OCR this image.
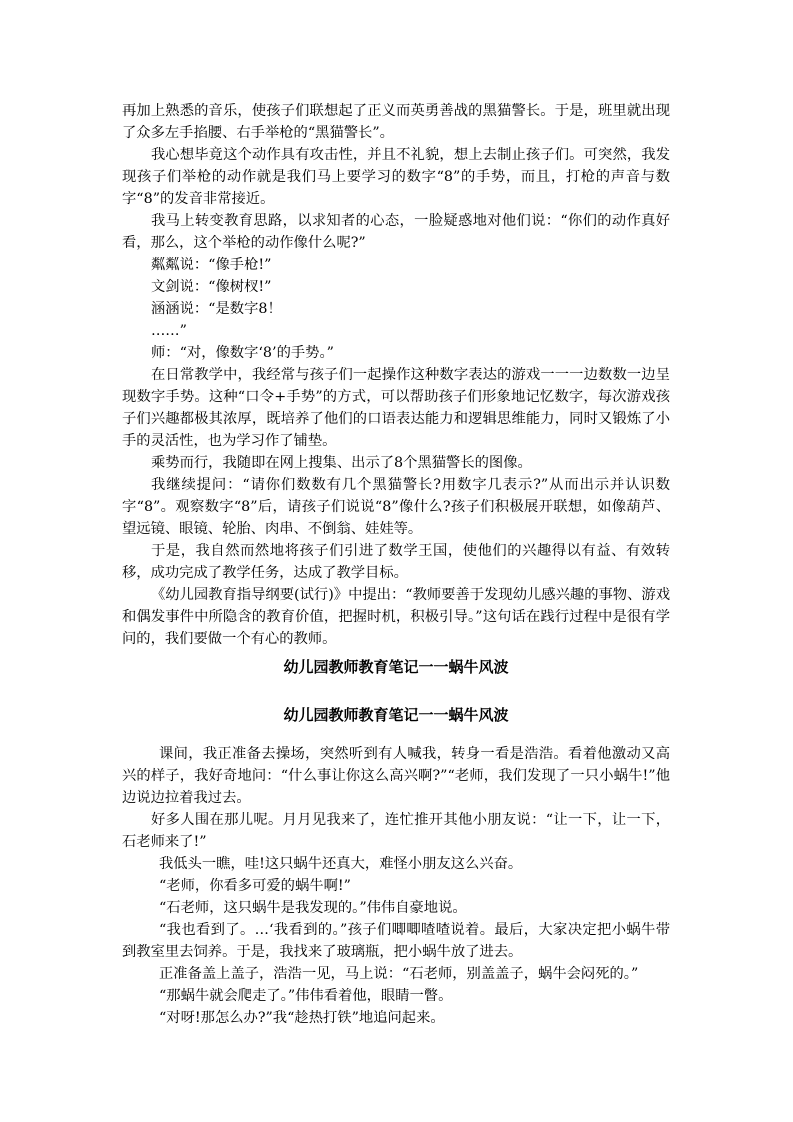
再加上熟悉的音乐，使孩子们联想起了正义而英勇善战的黑猫警长。于是，班里就出现了众多左手掐腰、右手举枪的“黑猫警长”。

我心想毕竟这个动作具有攻击性，并且不礼貌，想上去制止孩子们。可突然，我发现孩子们举枪的动作就是我们马上要学习的数字“8”的手势，而且，打枪的声音与数字“8”的发音非常接近。

我马上转变教育思路，以求知者的心态，一脸疑惑地对他们说：“你们的动作真好看，那么，这个举枪的动作像什么呢?”

粼粼说：“像手枪!”

文剑说：“像树杈!”

涵涵说：“是数字8！

……”

师：“对，像数字‘8’的手势。”

在日常教学中，我经常与孩子们一起操作这种数字表达的游戏一一一边数数一边呈现数字手势。这种“口令+手势”的方式，可以帮助孩子们形象地记忆数字，每次游戏孩子们兴趣都极其浓厚，既培养了他们的口语表达能力和逻辑思维能力，同时又锻炼了小手的灵活性，也为学习作了铺垫。

乘势而行，我随即在网上搜集、出示了8个黑猫警长的图像。

我继续提问：“请你们数数有几个黑猫警长?用数字几表示?”从而出示并认识数字“8”。观察数字“8”后，请孩子们说说“8”像什么?孩子们积极展开联想，如像葫芦、望远镜、眼镜、轮胎、肉串、不倒翁、娃娃等。

于是，我自然而然地将孩子们引进了数学王国，使他们的兴趣得以有益、有效转移，成功完成了教学任务，达成了教学目标。

《幼儿园教育指导纲要(试行)》中提出：“教师要善于发现幼儿感兴趣的事物、游戏和偶发事件中所隐含的教育价值，把握时机，积极引导。”这句话在践行过程中是很有学问的，我们要做一个有心的教师。

幼儿园教师教育笔记一一蜗牛风波
幼儿园教师教育笔记一一蜗牛风波

课间，我正准备去操场，突然听到有人喊我，转身一看是浩浩。看着他激动又高兴的样子，我好奇地问：“什么事让你这么高兴啊?”“老师，我们发现了一只小蜗牛!”他边说边拉着我过去。

好多人围在那儿呢。月月见我来了，连忙推开其他小朋友说：“让一下，让一下，石老师来了!”

我低头一瞧，哇!这只蜗牛还真大，难怪小朋友这么兴奋。

“老师，你看多可爱的蜗牛啊!”

“石老师，这只蜗牛是我发现的。”伟伟自豪地说。

“我也看到了。…‘我看到的。”孩子们唧唧喳喳说着。最后，大家决定把小蜗牛带到教室里去饲养。于是，我找来了玻璃瓶，把小蜗牛放了进去。

正准备盖上盖子，浩浩一见，马上说：“石老师，别盖盖子，蜗牛会闷死的。”

“那蜗牛就会爬走了。”伟伟看着他，眼睛一瞥。

“对呀!那怎么办?”我“趁热打铁”地追问起来。
